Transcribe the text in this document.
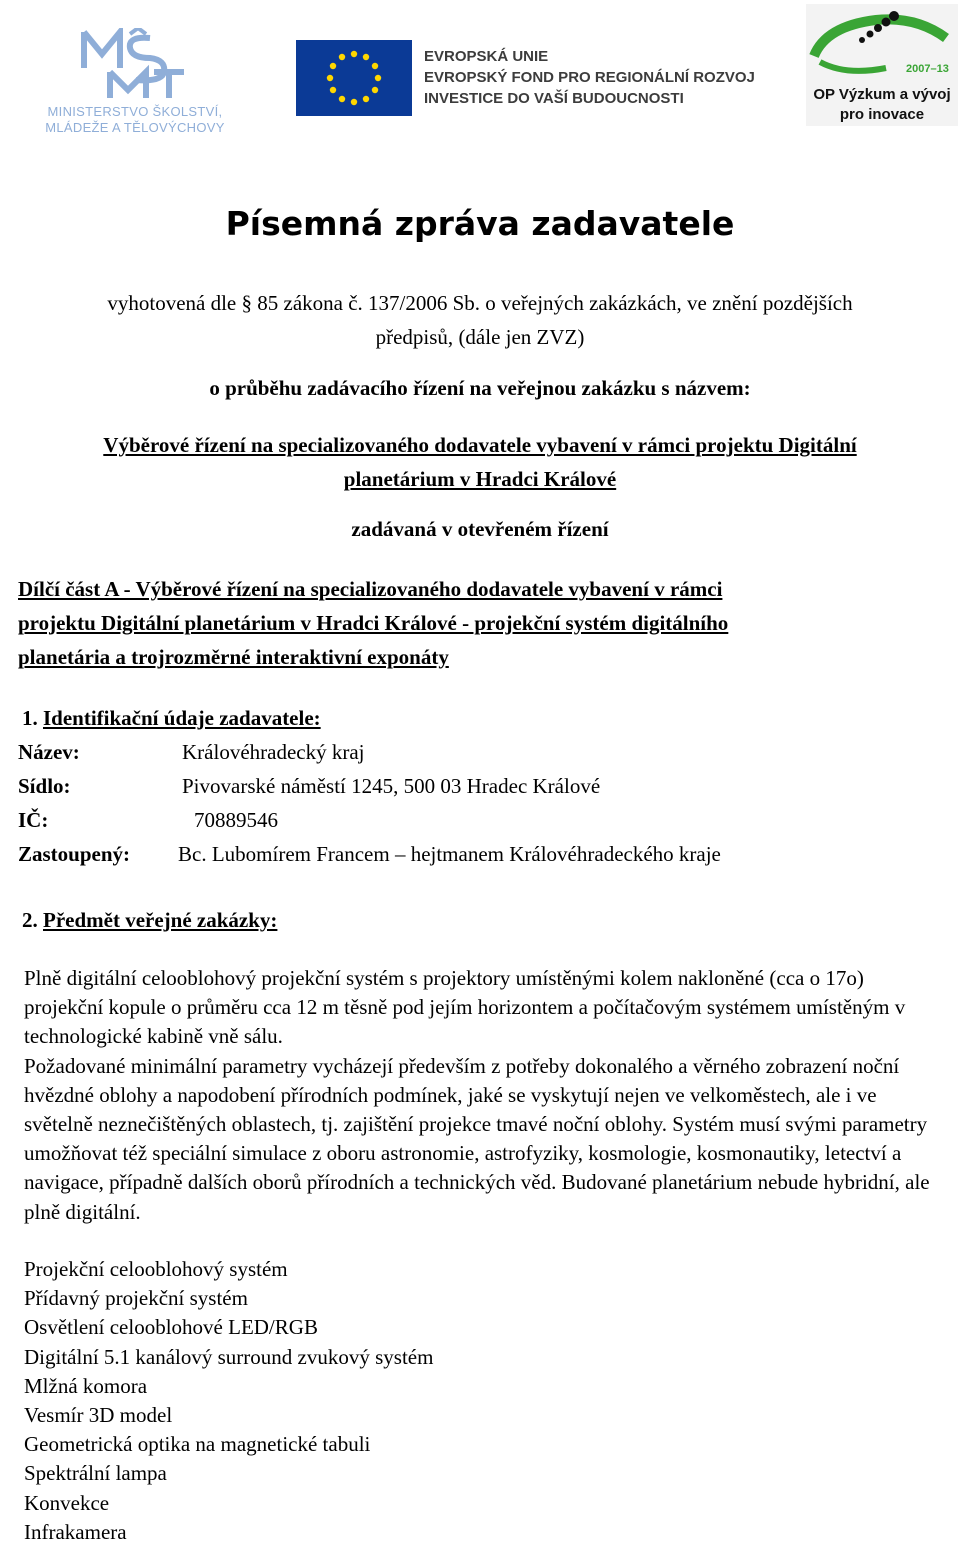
MINISTERSTVO ŠKOLSTVÍ,
MLÁDEŽE A TĚLOVÝCHOVY
EVROPSKÁ UNIE
EVROPSKÝ FOND PRO REGIONÁLNÍ ROZVOJ
INVESTICE DO VAŠÍ BUDOUCNOSTI
2007–13
OP Výzkum a vývoj
pro inovace
Písemná zpráva zadavatele
vyhotovená dle § 85 zákona č. 137/2006 Sb. o veřejných zakázkách, ve znění pozdějších
předpisů, (dále jen ZVZ)
o průběhu zadávacího řízení na veřejnou zakázku s názvem:
Výběrové řízení na specializovaného dodavatele vybavení v rámci projektu Digitální
planetárium v Hradci Králové
zadávaná v otevřeném řízení
Dílčí část A - Výběrové řízení na specializovaného dodavatele vybavení v rámci
projektu Digitální planetárium v Hradci Králové - projekční systém digitálního
planetária a trojrozměrné interaktivní exponáty
1. Identifikační údaje zadavatele:
Název:	Královéhradecký kraj
Sídlo:	Pivovarské náměstí 1245, 500 03 Hradec Králové
IČ:	70889546
Zastoupený: Bc. Lubomírem Francem – hejtmanem Královéhradeckého kraje
2. Předmět veřejné zakázky:

Plně digitální celooblohový projekční systém s projektory umístěnými kolem nakloněné (cca o 17o) projekční kopule o průměru cca 12 m těsně pod jejím horizontem a počítačovým systémem umístěným v technologické kabině vně sálu.

Požadované minimální parametry vycházejí především z potřeby dokonalého a věrného zobrazení noční hvězdné oblohy a napodobení přírodních podmínek, jaké se vyskytují nejen ve velkoměstech, ale i ve světelně neznečištěných oblastech, tj. zajištění projekce tmavé noční oblohy. Systém musí svými parametry umožňovat též speciální simulace z oboru astronomie, astrofyziky, kosmologie, kosmonautiky, letectví a navigace, případně dalších oborů přírodních a technických věd. Budované planetárium nebude hybridní, ale plně digitální.

Projekční celooblohový systém
Přídavný projekční systém
Osvětlení celooblohové LED/RGB
Digitální 5.1 kanálový surround zvukový systém
Mlžná komora
Vesmír 3D model
Geometrická optika na magnetické tabuli
Spektrální lampa
Konvekce
Infrakamera
